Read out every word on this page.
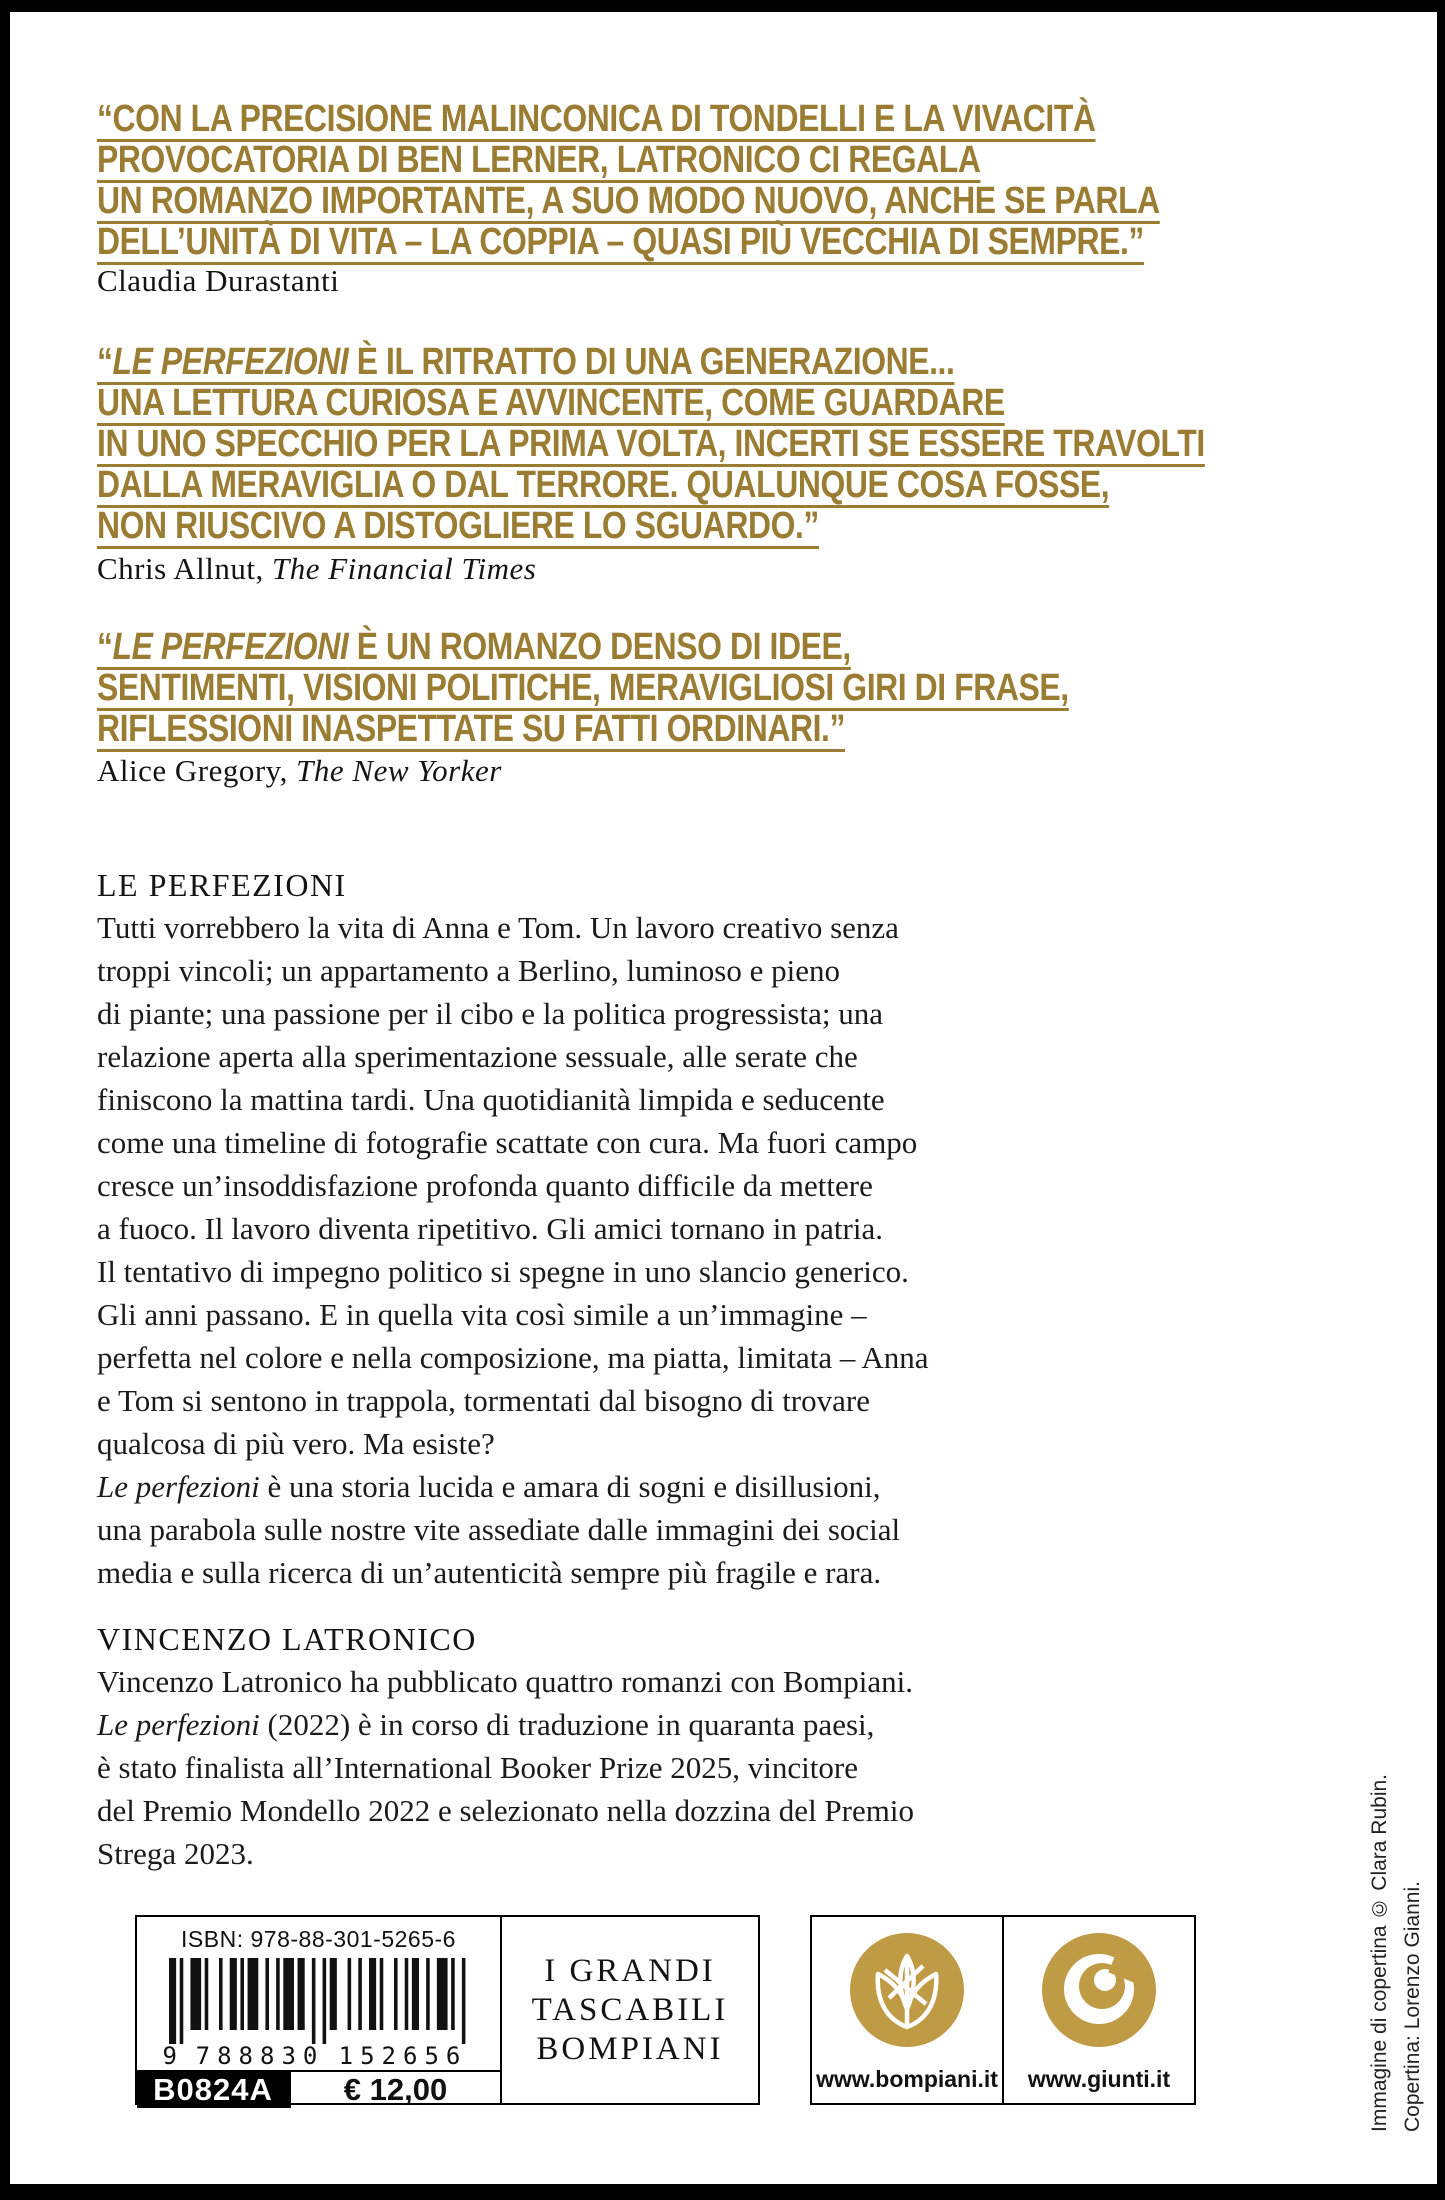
“CON LA PRECISIONE MALINCONICA DI TONDELLI E LA VIVACITÀ
PROVOCATORIA DI BEN LERNER, LATRONICO CI REGALA
UN ROMANZO IMPORTANTE, A SUO MODO NUOVO, ANCHE SE PARLA
DELL’UNITÀ DI VITA – LA COPPIA – QUASI PIÙ VECCHIA DI SEMPRE.”
Claudia Durastanti
“LE PERFEZIONI È IL RITRATTO DI UNA GENERAZIONE...
UNA LETTURA CURIOSA E AVVINCENTE, COME GUARDARE
IN UNO SPECCHIO PER LA PRIMA VOLTA, INCERTI SE ESSERE TRAVOLTI
DALLA MERAVIGLIA O DAL TERRORE. QUALUNQUE COSA FOSSE,
NON RIUSCIVO A DISTOGLIERE LO SGUARDO.”
Chris Allnut, The Financial Times
“LE PERFEZIONI È UN ROMANZO DENSO DI IDEE,
SENTIMENTI, VISIONI POLITICHE, MERAVIGLIOSI GIRI DI FRASE,
RIFLESSIONI INASPETTATE SU FATTI ORDINARI.”
Alice Gregory, The New Yorker
LE PERFEZIONI
Tutti vorrebbero la vita di Anna e Tom. Un lavoro creativo senza
troppi vincoli; un appartamento a Berlino, luminoso e pieno
di piante; una passione per il cibo e la politica progressista; una
relazione aperta alla sperimentazione sessuale, alle serate che
finiscono la mattina tardi. Una quotidianità limpida e seducente
come una timeline di fotografie scattate con cura. Ma fuori campo
cresce un’insoddisfazione profonda quanto difficile da mettere
a fuoco. Il lavoro diventa ripetitivo. Gli amici tornano in patria.
Il tentativo di impegno politico si spegne in uno slancio generico.
Gli anni passano. E in quella vita così simile a un’immagine –
perfetta nel colore e nella composizione, ma piatta, limitata – Anna
e Tom si sentono in trappola, tormentati dal bisogno di trovare
qualcosa di più vero. Ma esiste?
Le perfezioni è una storia lucida e amara di sogni e disillusioni,
una parabola sulle nostre vite assediate dalle immagini dei social
media e sulla ricerca di un’autenticità sempre più fragile e rara.
VINCENZO LATRONICO
Vincenzo Latronico ha pubblicato quattro romanzi con Bompiani.
Le perfezioni (2022) è in corso di traduzione in quaranta paesi,
è stato finalista all’International Booker Prize 2025, vincitore
del Premio Mondello 2022 e selezionato nella dozzina del Premio
Strega 2023.
ISBN: 978-88-301-5265-6
9 788830 152656
B0824A	€ 12,00
I GRANDI
TASCABILI
BOMPIANI
www.bompiani.it www.giunti.it	Immagine di copertina © Clara Rubin. Copertina: Lorenzo Gianni.
